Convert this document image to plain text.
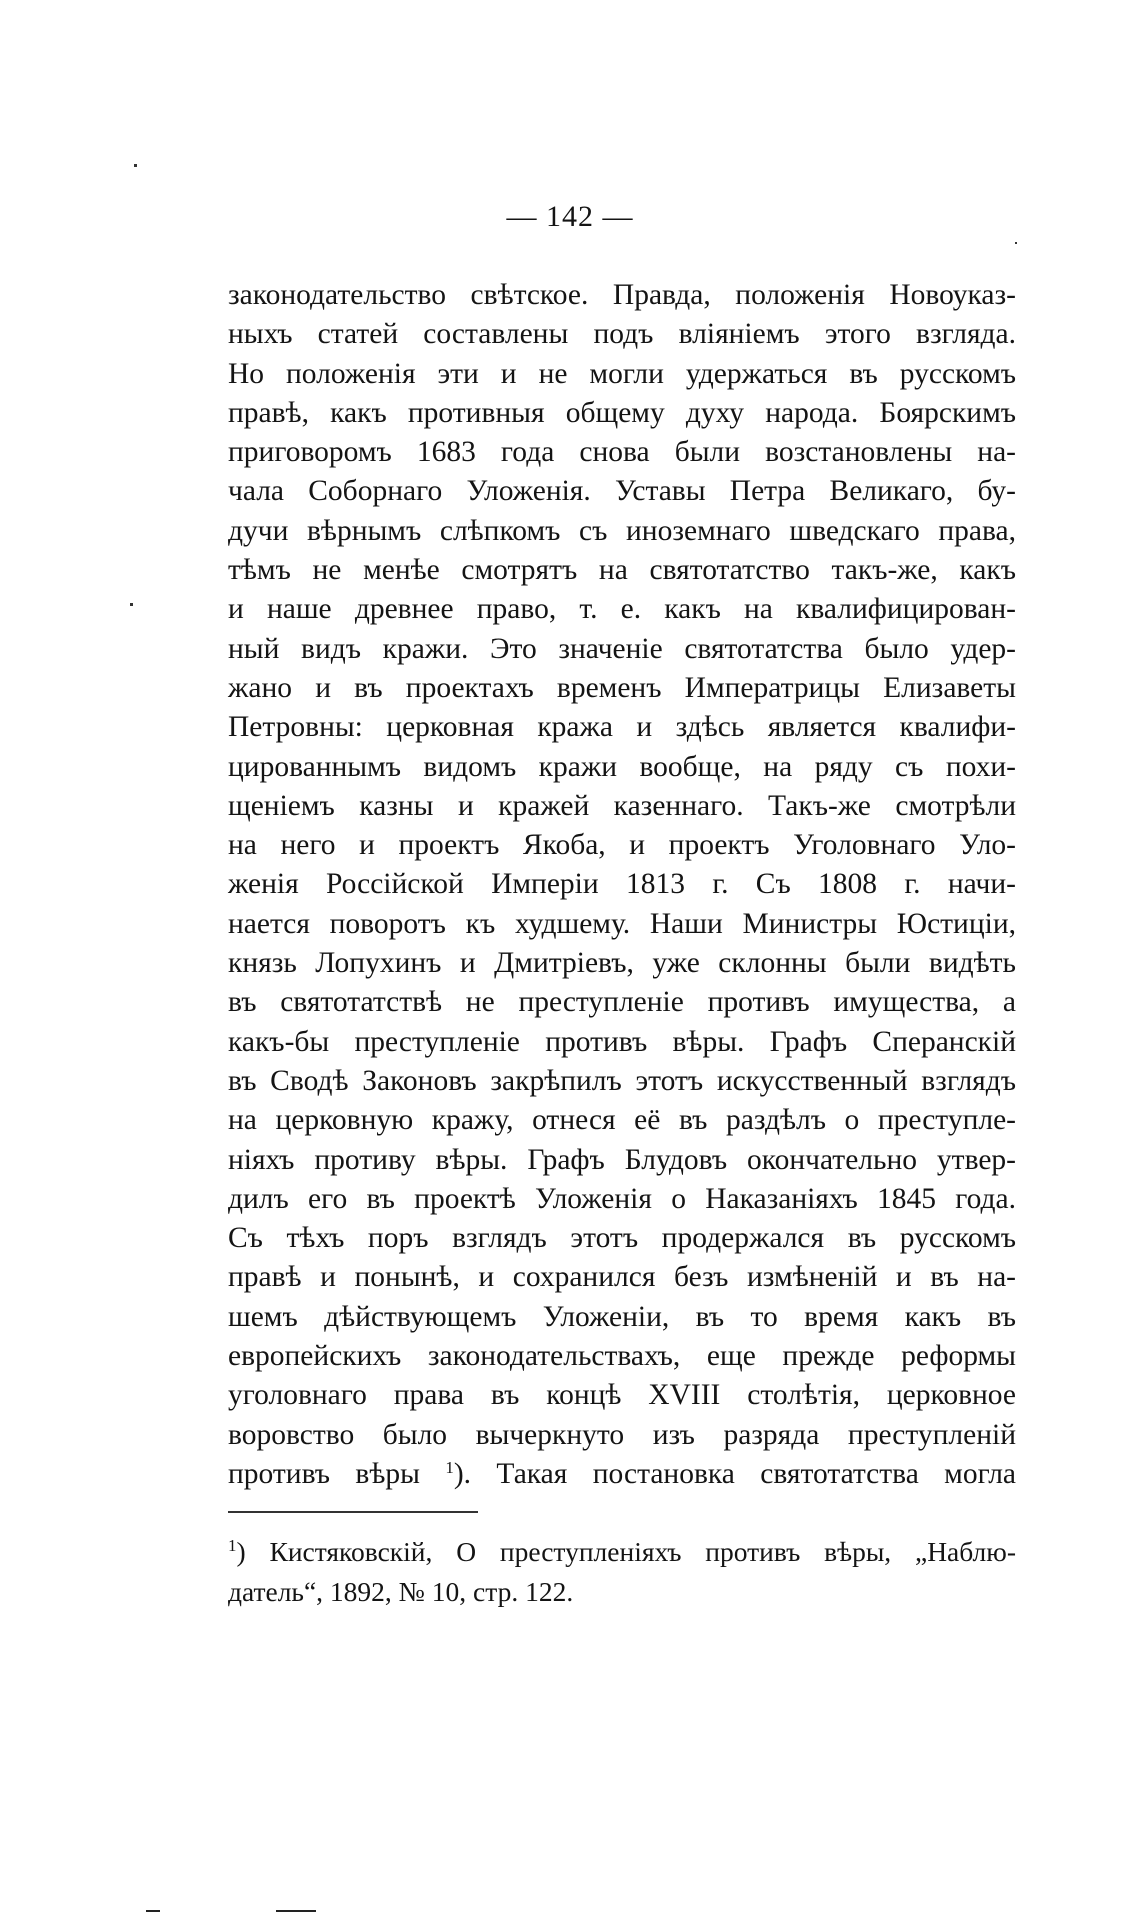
— 142 —
законодательство свѣтское. Правда, положенія Новоуказ-
ныхъ статей составлены подъ вліяніемъ этого взгляда.
Но положенія эти и не могли удержаться въ русскомъ
правѣ, какъ противныя общему духу народа. Боярскимъ
приговоромъ 1683 года снова были возстановлены на-
чала Соборнаго Уложенія. Уставы Петра Великаго, бу-
дучи вѣрнымъ слѣпкомъ съ иноземнаго шведскаго права,
тѣмъ не менѣе смотрятъ на святотатство такъ-же, какъ
и наше древнее право, т. е. какъ на квалифицирован-
ный видъ кражи. Это значеніе святотатства было удер-
жано и въ проектахъ временъ Императрицы Елизаветы
Петровны: церковная кража и здѣсь является квалифи-
цированнымъ видомъ кражи вообще, на ряду съ похи-
щеніемъ казны и кражей казеннаго. Такъ-же смотрѣли
на него и проектъ Якоба, и проектъ Уголовнаго Уло-
женія Россійской Имперіи 1813 г. Съ 1808 г. начи-
нается поворотъ къ худшему. Наши Министры Юстиціи,
князь Лопухинъ и Дмитріевъ, уже склонны были видѣть
въ святотатствѣ не преступленіе противъ имущества, а
какъ-бы преступленіе противъ вѣры. Графъ Сперанскій
въ Сводѣ Законовъ закрѣпилъ этотъ искусственный взглядъ
на церковную кражу, отнеся её въ раздѣлъ о преступле-
ніяхъ противу вѣры. Графъ Блудовъ окончательно утвер-
дилъ его въ проектѣ Уложенія о Наказаніяхъ 1845 года.
Съ тѣхъ поръ взглядъ этотъ продержался въ русскомъ
правѣ и понынѣ, и сохранился безъ измѣненій и въ на-
шемъ дѣйствующемъ Уложеніи, въ то время какъ въ
европейскихъ законодательствахъ, еще прежде реформы
уголовнаго права въ концѣ XVIII столѣтія, церковное
воровство было вычеркнуто изъ разряда преступленій
противъ вѣры $^1$). Такая постановка святотатства могла
$^1$) Кистяковскій, О преступленіяхъ противъ вѣры, „Наблю-
датель“, 1892, № 10, стр. 122.
